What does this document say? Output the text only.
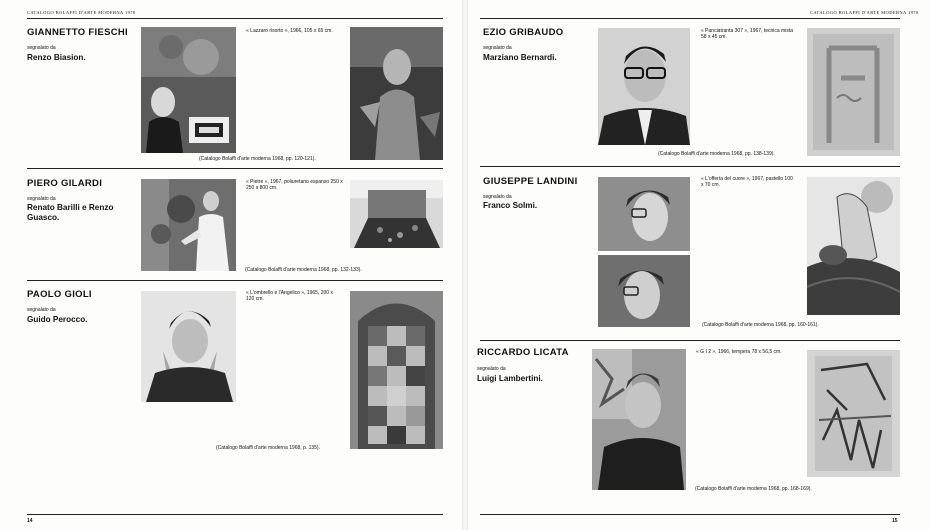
CATALOGO BOLAFFI D'ARTE MODERNA 1970
GIANNETTO FIESCHI
segnalato da
Renzo Biasion.
« Lazzaro risorto », 1966, 105 x 65 cm.
(Catalogo Bolaffi d'arte moderna 1968, pp. 120-121).
PIERO GILARDI
segnalato da
Renato Barilli e Renzo Guasco.
« Pietre », 1967, poliuretano espanso 250 x 250 x 800 cm.
(Catalogo Bolaffi d'arte moderna 1968, pp. 132-133).
PAOLO GIOLI
segnalato da
Guido Perocco.
« L'ombrello e l'Angelico », 1965, 200 x 120 cm.
(Catalogo Bolaffi d'arte moderna 1968, p. 135).
14
CATALOGO BOLAFFI D'ARTE MODERNA 1970
EZIO GRIBAUDO
segnalato da
Marziano Bernardi.
« Panciatranta 307 », 1967, tecnica mista 58 x 45 cm.
(Catalogo Bolaffi d'arte moderna 1968, pp. 138-139).
GIUSEPPE LANDINI
segnalato da
Franco Solmi.
« L'offerta del cuore », 1967, pastello 100 x 70 cm.
(Catalogo Bolaffi d'arte moderna 1968, pp. 160-161).
RICCARDO LICATA
segnalato da
Luigi Lambertini.
« G I 2 », 1966, tempera 78 x 56,5 cm.
(Catalogo Bolaffi d'arte moderna 1968, pp. 168-169).
15
